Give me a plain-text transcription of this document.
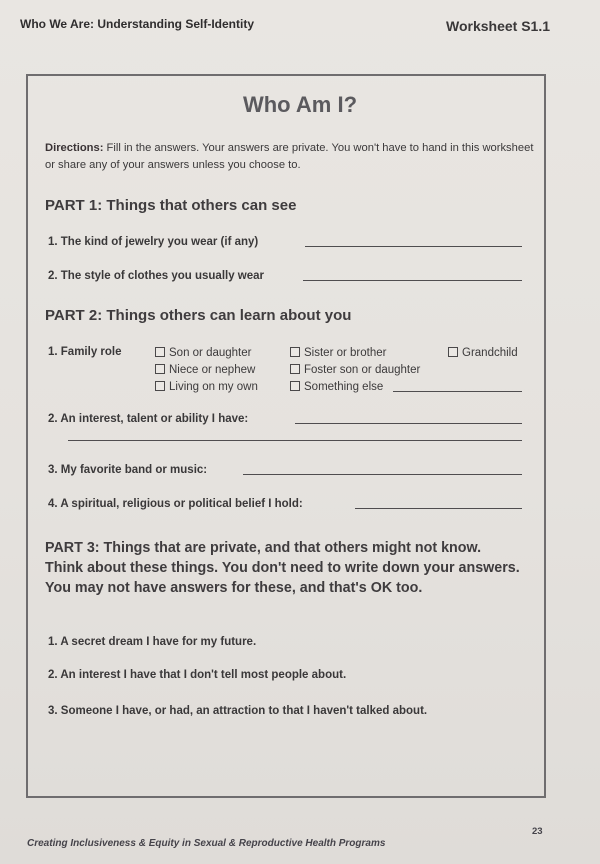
Who We Are: Understanding Self-Identity	Worksheet S1.1
Who Am I?
Directions: Fill in the answers. Your answers are private. You won't have to hand in this worksheet or share any of your answers unless you choose to.
PART 1: Things that others can see
1. The kind of jewelry you wear (if any)
2. The style of clothes you usually wear
PART 2: Things others can learn about you
1. Family role	Son or daughter	Sister or brother	Grandchild
Niece or nephew	Foster son or daughter
Living on my own	Something else
2. An interest, talent or ability I have:
3. My favorite band or music:
4. A spiritual, religious or political belief I hold:
PART 3: Things that are private, and that others might not know. Think about these things. You don't need to write down your answers. You may not have answers for these, and that's OK too.
1. A secret dream I have for my future.
2. An interest I have that I don't tell most people about.
3. Someone I have, or had, an attraction to that I haven't talked about.
Creating Inclusiveness & Equity in Sexual & Reproductive Health Programs
23
